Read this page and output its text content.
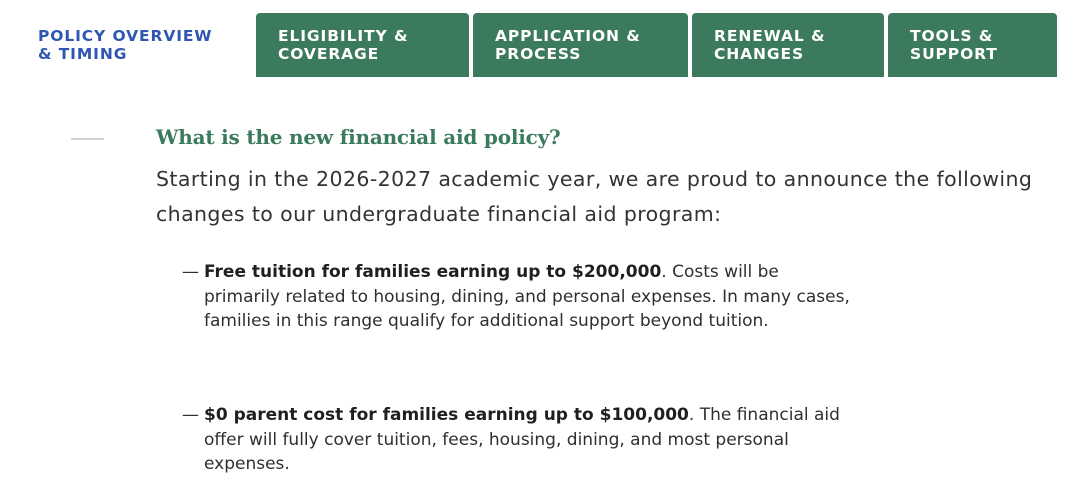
POLICY OVERVIEW
& TIMING
ELIGIBILITY &
COVERAGE
APPLICATION &
PROCESS
RENEWAL &
CHANGES
TOOLS &
SUPPORT
What is the new financial aid policy?

Starting in the 2026-2027 academic year, we are proud to announce the following changes to our undergraduate financial aid program:

— Free tuition for families earning up to $200,000. Costs will be primarily related to housing, dining, and personal expenses. In many cases, families in this range qualify for additional support beyond tuition.
— $0 parent cost for families earning up to $100,000. The financial aid offer will fully cover tuition, fees, housing, dining, and most personal expenses.
